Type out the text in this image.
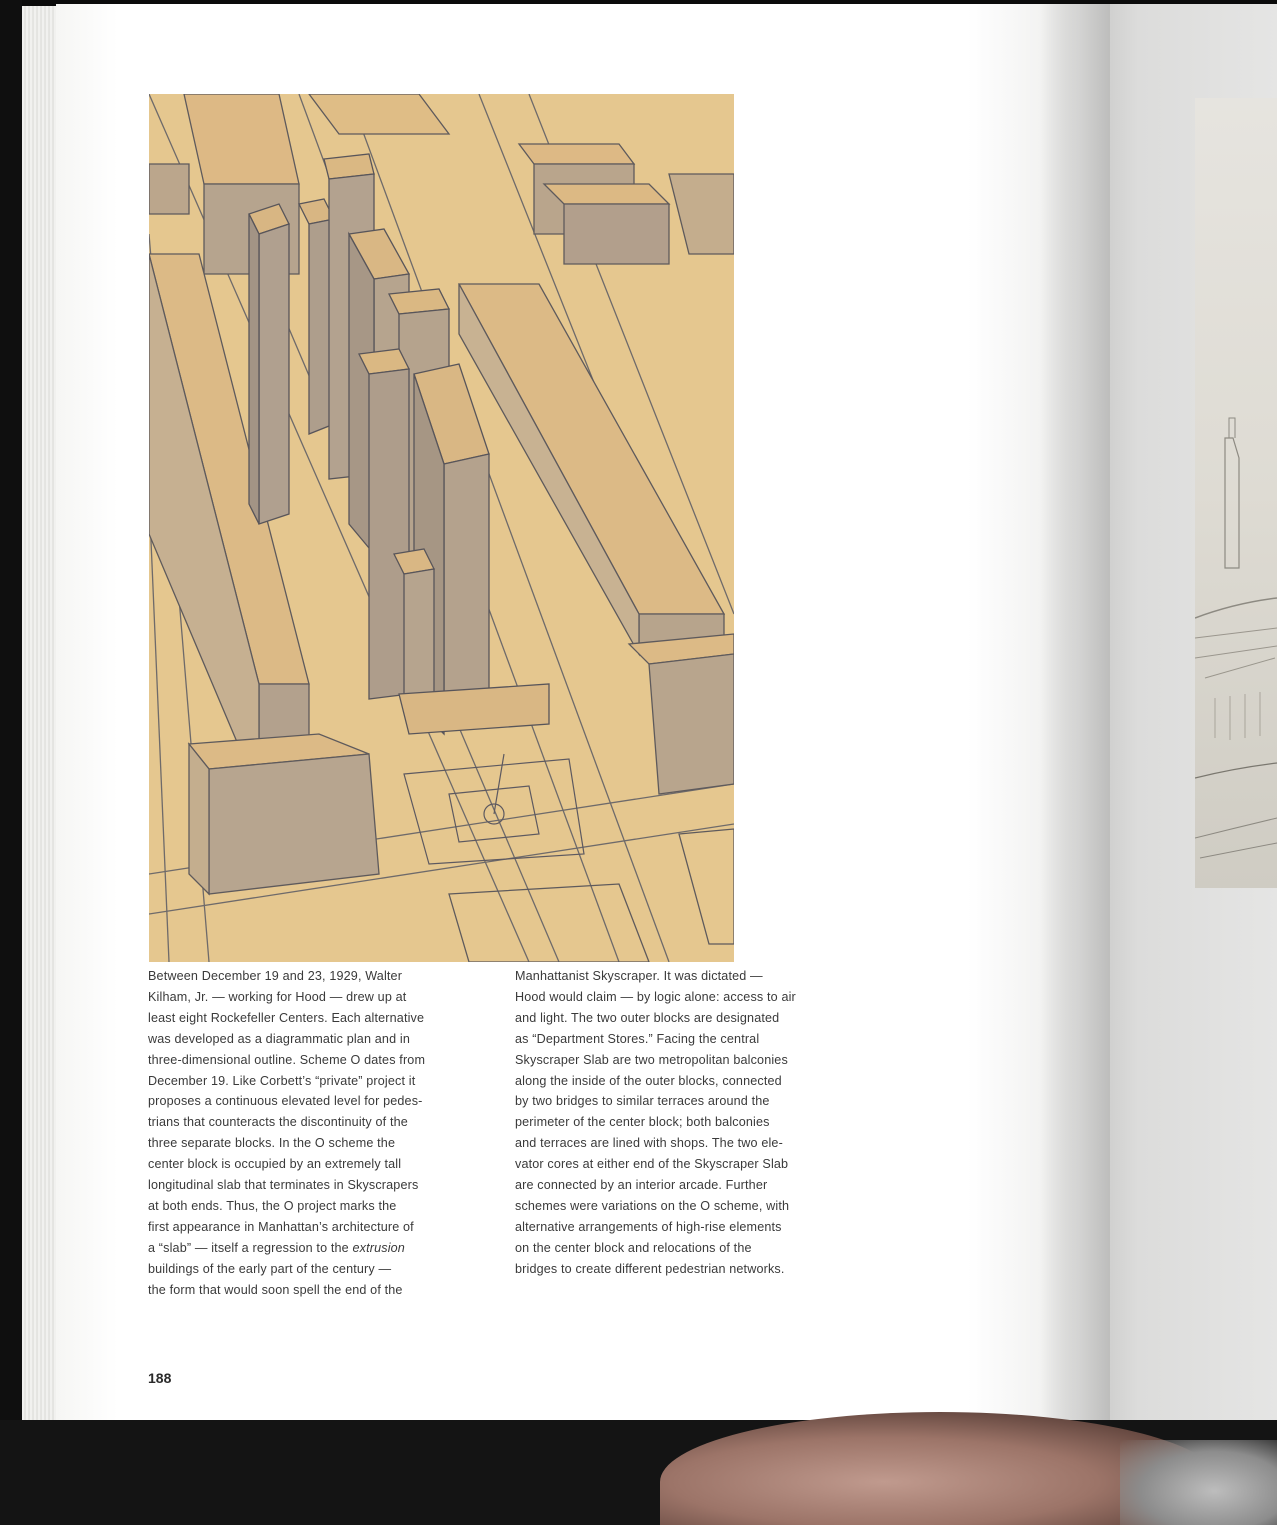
Between December 19 and 23, 1929, Walter
Kilham, Jr. — working for Hood — drew up at
least eight Rockefeller Centers. Each alternative
was developed as a diagrammatic plan and in
three-dimensional outline. Scheme O dates from
December 19. Like Corbett’s “private” project it
proposes a continuous elevated level for pedes-
trians that counteracts the discontinuity of the
three separate blocks. In the O scheme the
center block is occupied by an extremely tall
longitudinal slab that terminates in Skyscrapers
at both ends. Thus, the O project marks the
first appearance in Manhattan’s architecture of
a “slab” — itself a regression to the extrusion
buildings of the early part of the century —
the form that would soon spell the end of the
Manhattanist Skyscraper. It was dictated —
Hood would claim — by logic alone: access to air
and light. The two outer blocks are designated
as “Department Stores.” Facing the central
Skyscraper Slab are two metropolitan balconies
along the inside of the outer blocks, connected
by two bridges to similar terraces around the
perimeter of the center block; both balconies
and terraces are lined with shops. The two ele-
vator cores at either end of the Skyscraper Slab
are connected by an interior arcade. Further
schemes were variations on the O scheme, with
alternative arrangements of high-rise elements
on the center block and relocations of the
bridges to create different pedestrian networks.
188
